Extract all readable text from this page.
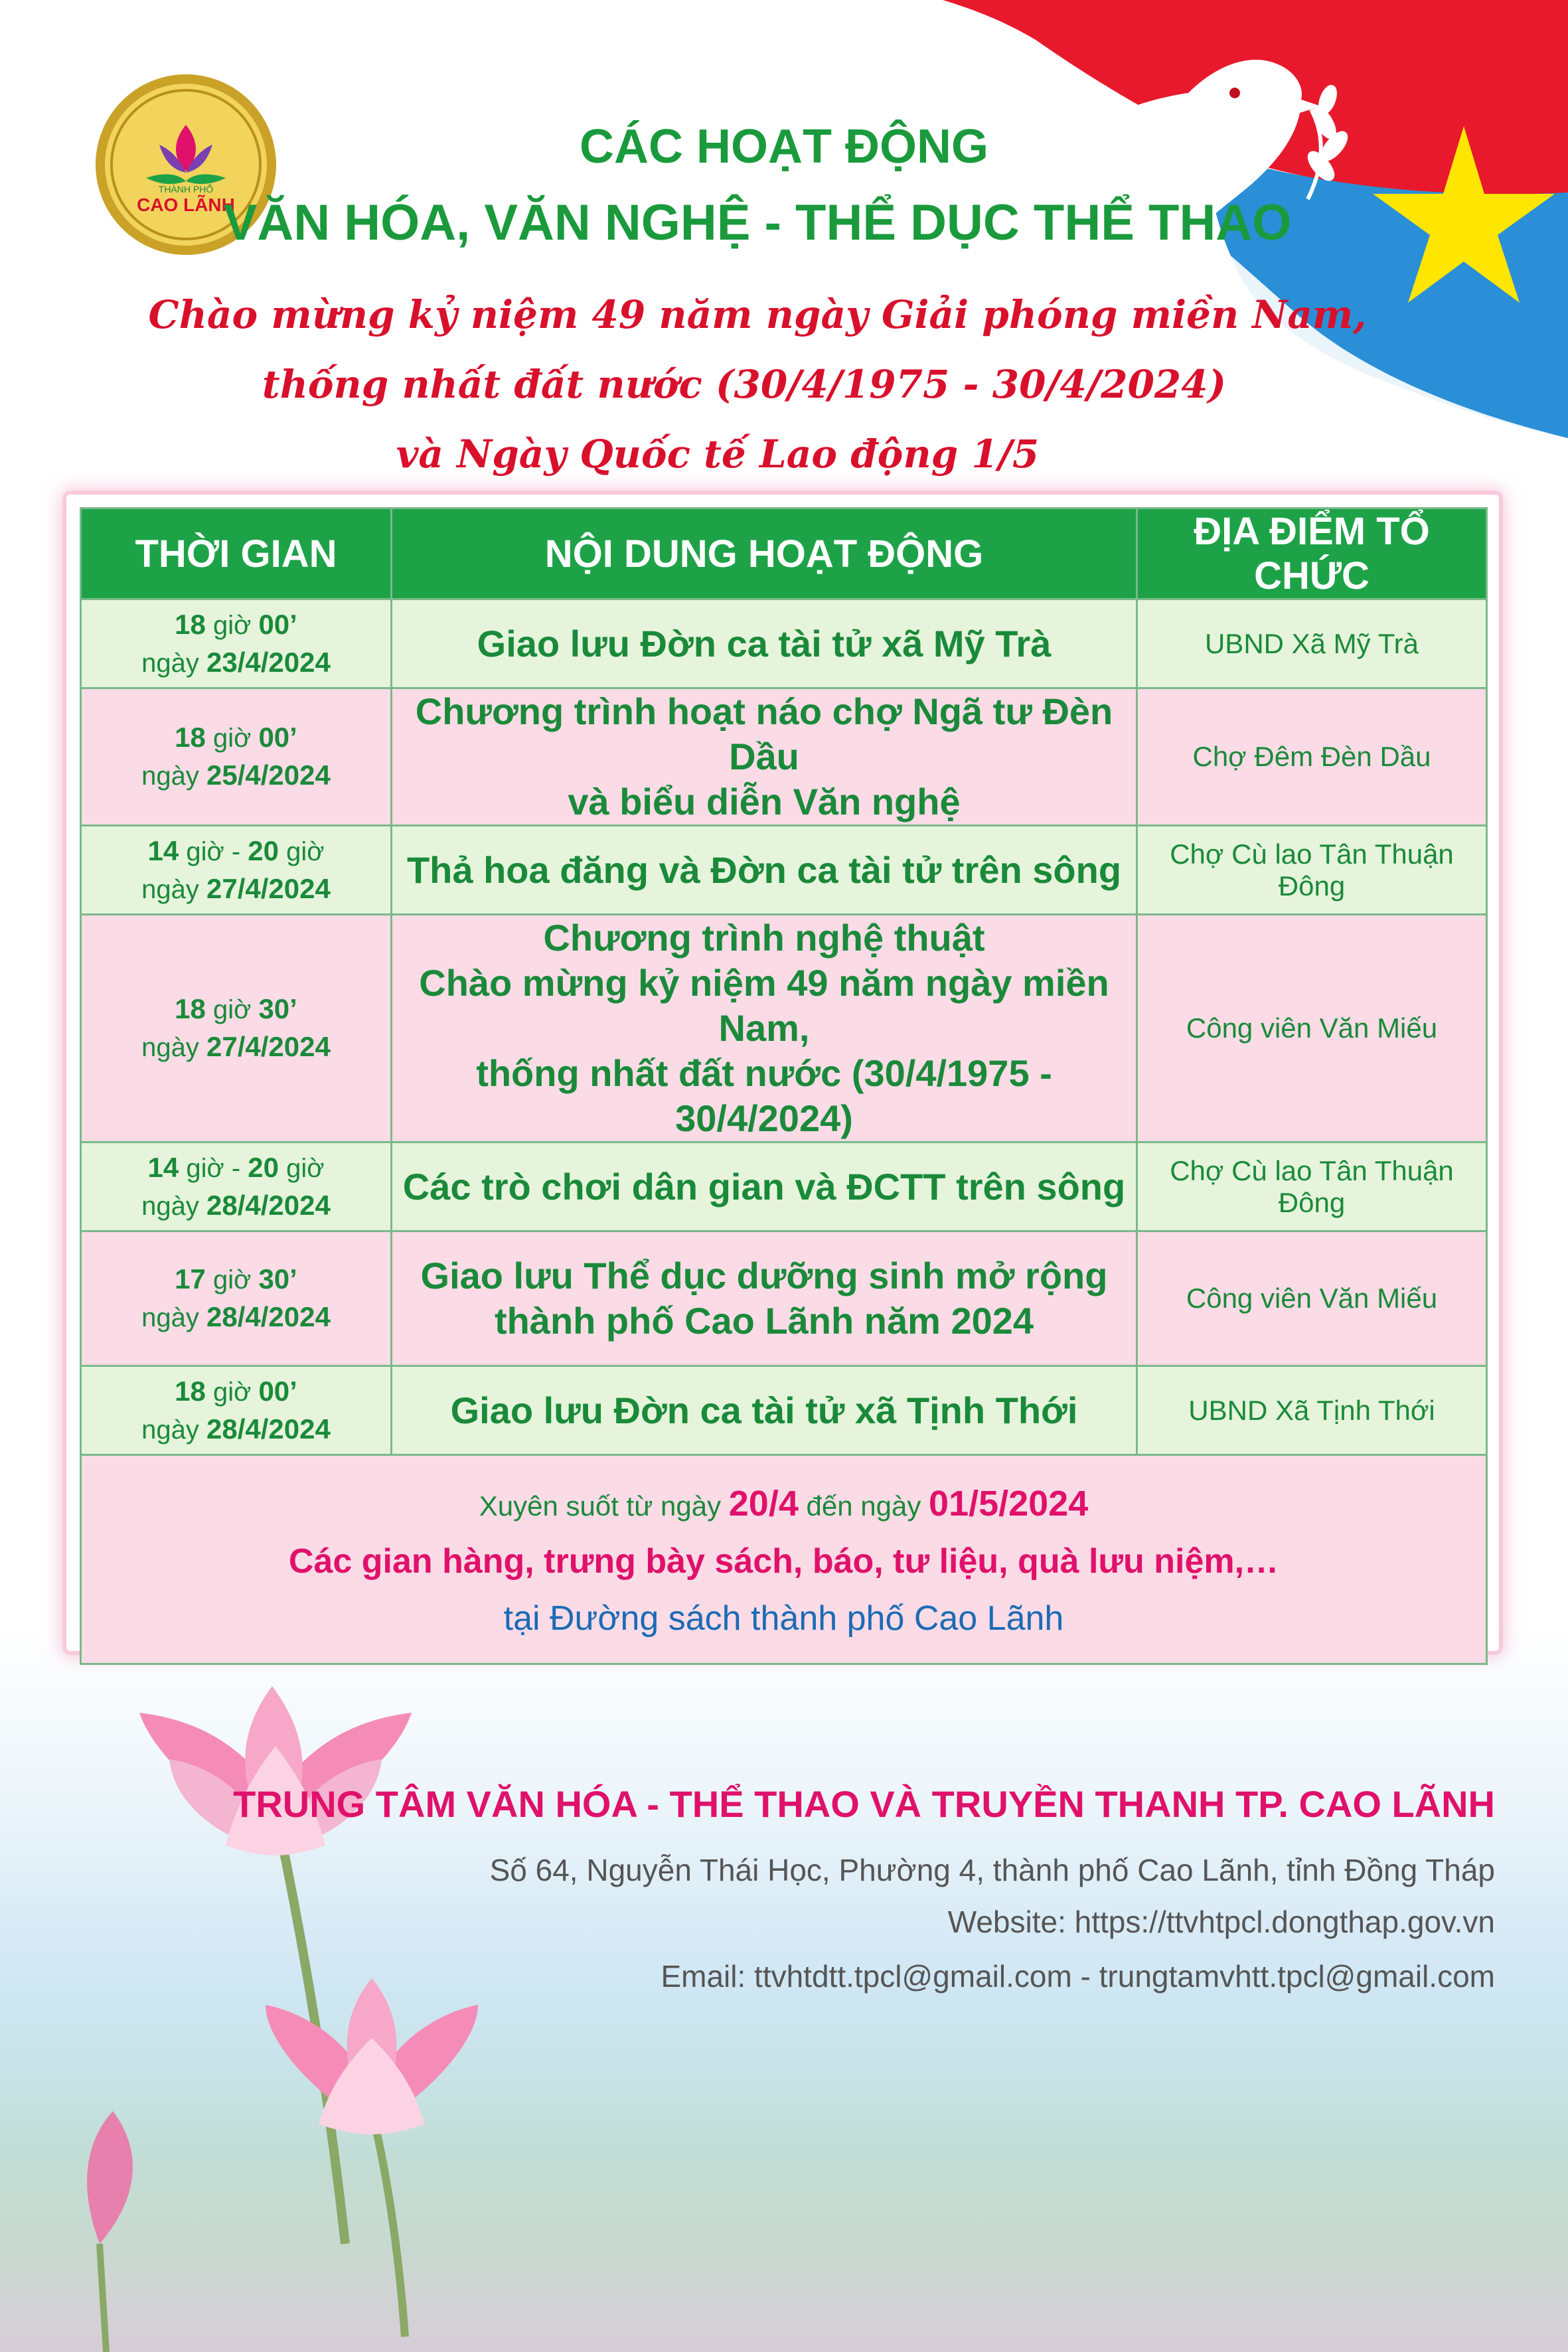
THÀNH PHỐ
CAO LÃNH
CÁC HOẠT ĐỘNG
VĂN HÓA, VĂN NGHỆ - THỂ DỤC THỂ THAO

Chào mừng kỷ niệm 49 năm ngày Giải phóng miền Nam,

thống nhất đất nước (30/4/1975 - 30/4/2024)

và Ngày Quốc tế Lao động 1/5

THỜI GIAN	NỘI DUNG HOẠT ĐỘNG	ĐỊA ĐIỂM TỔ CHỨC
18 giờ 00’
ngày 23/4/2024	Giao lưu Đờn ca tài tử xã Mỹ Trà	UBND Xã Mỹ Trà
18 giờ 00’
ngày 25/4/2024	Chương trình hoạt náo chợ Ngã tư Đèn Dầu
và biểu diễn Văn nghệ	Chợ Đêm Đèn Dầu
14 giờ - 20 giờ
ngày 27/4/2024	Thả hoa đăng và Đờn ca tài tử trên sông	Chợ Cù lao Tân Thuận Đông
18 giờ 30’
ngày 27/4/2024	Chương trình nghệ thuật
Chào mừng kỷ niệm 49 năm ngày miền Nam,
thống nhất đất nước (30/4/1975 - 30/4/2024)	Công viên Văn Miếu
14 giờ - 20 giờ
ngày 28/4/2024	Các trò chơi dân gian và ĐCTT trên sông	Chợ Cù lao Tân Thuận Đông
17 giờ 30’
ngày 28/4/2024	Giao lưu Thể dục dưỡng sinh mở rộng
thành phố Cao Lãnh năm 2024	Công viên Văn Miếu
18 giờ 00’
ngày 28/4/2024	Giao lưu Đờn ca tài tử xã Tịnh Thới	UBND Xã Tịnh Thới

Xuyên suốt từ ngày 20/4 đến ngày 01/5/2024
Các gian hàng, trưng bày sách, báo, tư liệu, quà lưu niệm,…
tại Đường sách thành phố Cao Lãnh		

TRUNG TÂM VĂN HÓA - THỂ THAO VÀ TRUYỀN THANH TP. CAO LÃNH

Số 64, Nguyễn Thái Học, Phường 4, thành phố Cao Lãnh, tỉnh Đồng Tháp

Website: https://ttvhtpcl.dongthap.gov.vn

Email: ttvhtdtt.tpcl@gmail.com - trungtamvhtt.tpcl@gmail.com
